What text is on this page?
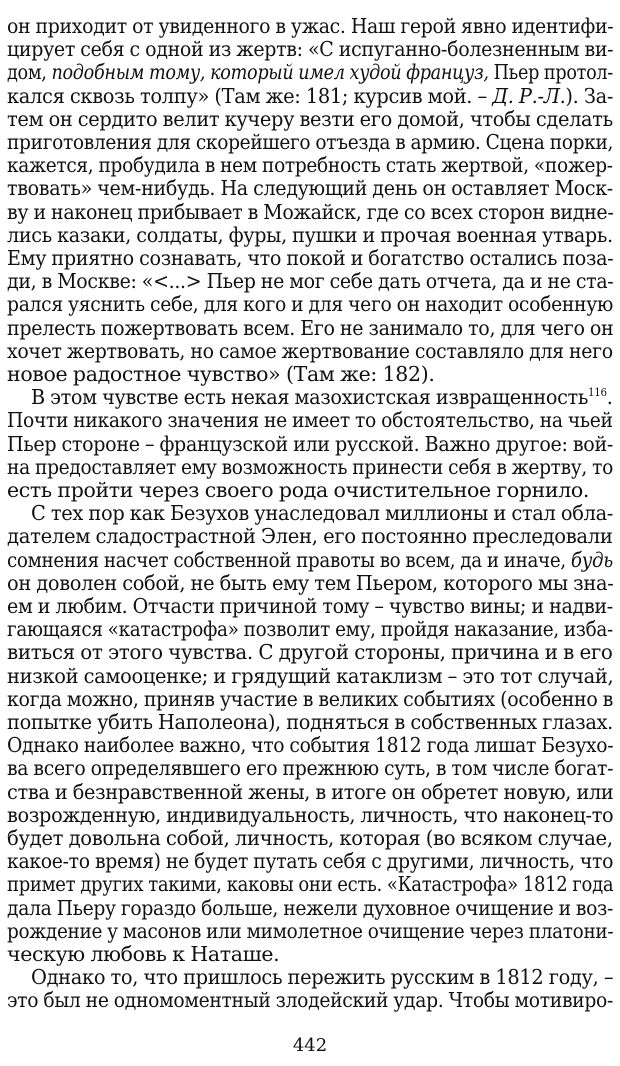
он приходит от увиденного в ужас. Наш герой явно идентифи-
цирует себя с одной из жертв: «С испуганно-болезненным ви-
дом, подобным тому, который имел худой француз, Пьер протол-
кался сквозь толпу» (Там же: 181; курсив мой. – Д. Р.-Л.). За-
тем он сердито велит кучеру везти его домой, чтобы сделать
приготовления для скорейшего отъезда в армию. Сцена порки,
кажется, пробудила в нем потребность стать жертвой, «пожер-
твовать» чем-нибудь. На следующий день он оставляет Моск-
ву и наконец прибывает в Можайск, где со всех сторон видне-
лись казаки, солдаты, фуры, пушки и прочая военная утварь.
Ему приятно сознавать, что покой и богатство остались поза-
ди, в Москве: «<...> Пьер не мог себе дать отчета, да и не ста-
рался уяснить себе, для кого и для чего он находит особенную
прелесть пожертвовать всем. Его не занимало то, для чего он
хочет жертвовать, но самое жертвование составляло для него
новое радостное чувство» (Там же: 182).
В этом чувстве есть некая мазохистская извращенность$^{116}$.
Почти никакого значения не имеет то обстоятельство, на чьей
Пьер стороне – французской или русской. Важно другое: вой-
на предоставляет ему возможность принести себя в жертву, то
есть пройти через своего рода очистительное горнило.
С тех пор как Безухов унаследовал миллионы и стал обла-
дателем сладострастной Элен, его постоянно преследовали
сомнения насчет собственной правоты во всем, да и иначе, будь
он доволен собой, не быть ему тем Пьером, которого мы зна-
ем и любим. Отчасти причиной тому – чувство вины; и надви-
гающаяся «катастрофа» позволит ему, пройдя наказание, изба-
виться от этого чувства. С другой стороны, причина и в его
низкой самооценке; и грядущий катаклизм – это тот случай,
когда можно, приняв участие в великих событиях (особенно в
попытке убить Наполеона), подняться в собственных глазах.
Однако наиболее важно, что события 1812 года лишат Безухо-
ва всего определявшего его прежнюю суть, в том числе богат-
ства и безнравственной жены, в итоге он обретет новую, или
возрожденную, индивидуальность, личность, что наконец-то
будет довольна собой, личность, которая (во всяком случае,
какое-то время) не будет путать себя с другими, личность, что
примет других такими, каковы они есть. «Катастрофа» 1812 года
дала Пьеру гораздо больше, нежели духовное очищение и воз-
рождение у масонов или мимолетное очищение через платони-
ческую любовь к Наташе.
Однако то, что пришлось пережить русским в 1812 году, –
это был не одномоментный злодейский удар. Чтобы мотивиро-
442
